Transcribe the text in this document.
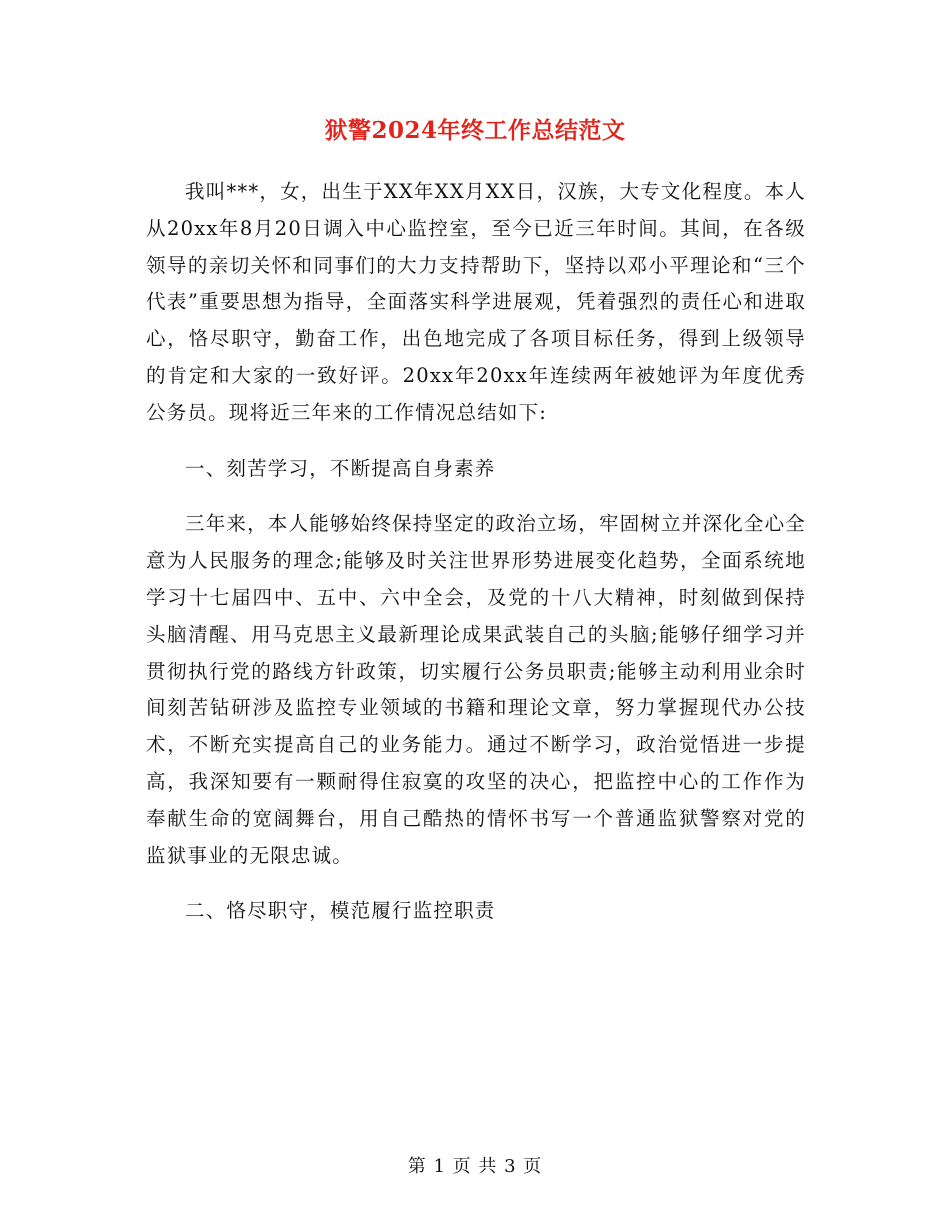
狱警2024年终工作总结范文

我叫***，女，出生于XX年XX月XX日，汉族，大专文化程度。本人从20xx年8月20日调入中心监控室，至今已近三年时间。其间，在各级领导的亲切关怀和同事们的大力支持帮助下，坚持以邓小平理论和“三个代表”重要思想为指导，全面落实科学进展观，凭着强烈的责任心和进取心，恪尽职守，勤奋工作，出色地完成了各项目标任务，得到上级领导的肯定和大家的一致好评。20xx年20xx年连续两年被她评为年度优秀公务员。现将近三年来的工作情况总结如下:

一、刻苦学习，不断提高自身素养

三年来，本人能够始终保持坚定的政治立场，牢固树立并深化全心全意为人民服务的理念;能够及时关注世界形势进展变化趋势，全面系统地学习十七届四中、五中、六中全会，及党的十八大精神，时刻做到保持头脑清醒、用马克思主义最新理论成果武装自己的头脑;能够仔细学习并贯彻执行党的路线方针政策，切实履行公务员职责;能够主动利用业余时间刻苦钻研涉及监控专业领域的书籍和理论文章，努力掌握现代办公技术，不断充实提高自己的业务能力。通过不断学习，政治觉悟进一步提高，我深知要有一颗耐得住寂寞的攻坚的决心，把监控中心的工作作为奉献生命的宽阔舞台，用自己酷热的情怀书写一个普通监狱警察对党的监狱事业的无限忠诚。

二、恪尽职守，模范履行监控职责

第 1 页 共 3 页
